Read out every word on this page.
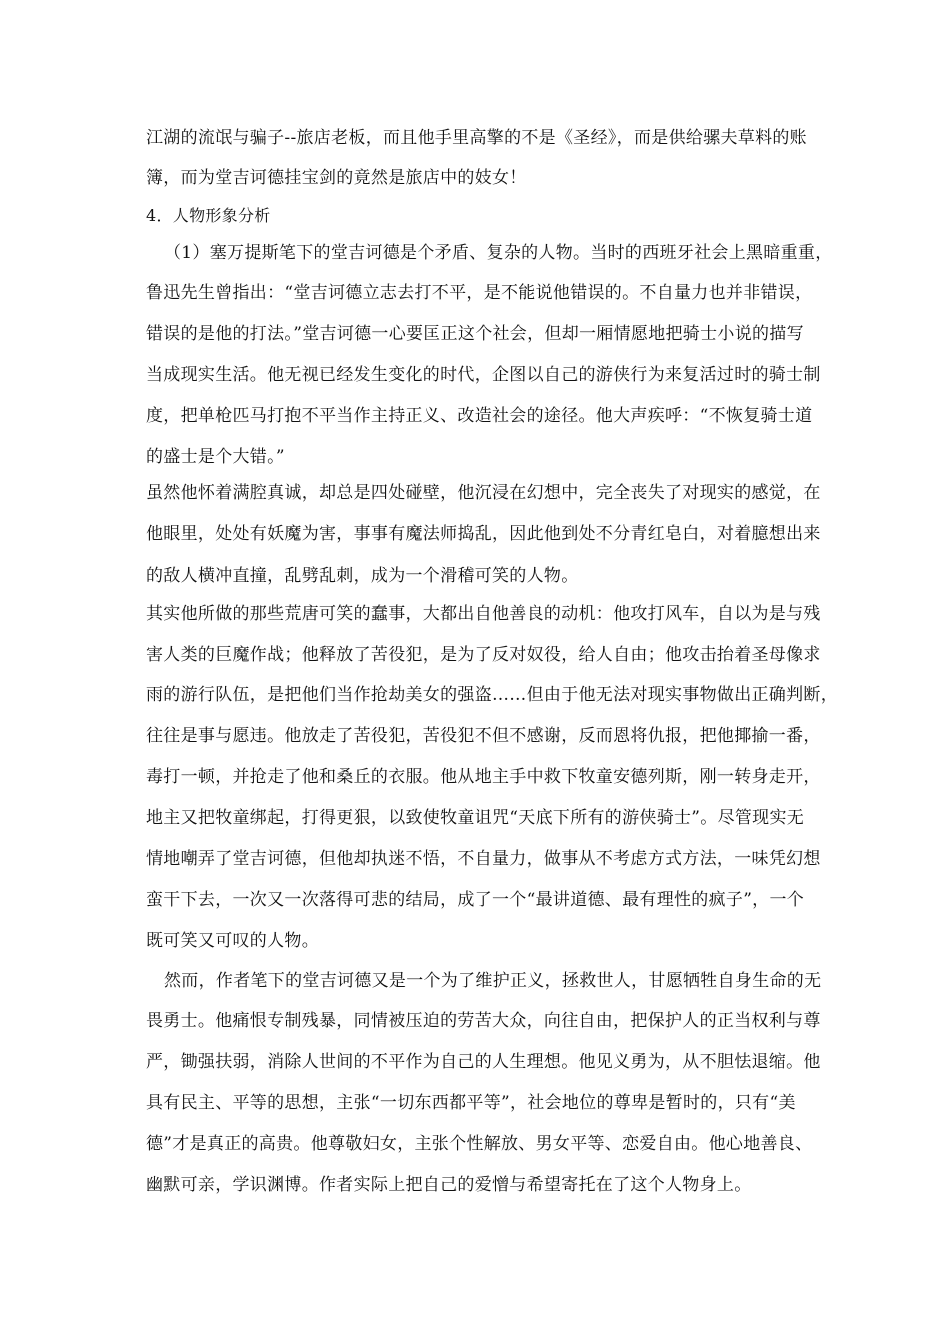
江湖的流氓与骗子--旅店老板，而且他手里高擎的不是《圣经》，而是供给骡夫草料的账
簿，而为堂吉诃德挂宝剑的竟然是旅店中的妓女！
4．人物形象分析
（1）塞万提斯笔下的堂吉诃德是个矛盾、复杂的人物。当时的西班牙社会上黑暗重重，
鲁迅先生曾指出：“堂吉诃德立志去打不平，是不能说他错误的。不自量力也并非错误，
错误的是他的打法。”堂吉诃德一心要匡正这个社会，但却一厢情愿地把骑士小说的描写
当成现实生活。他无视已经发生变化的时代，企图以自己的游侠行为来复活过时的骑士制
度，把单枪匹马打抱不平当作主持正义、改造社会的途径。他大声疾呼：“不恢复骑士道
的盛士是个大错。”
虽然他怀着满腔真诚，却总是四处碰壁，他沉浸在幻想中，完全丧失了对现实的感觉，在
他眼里，处处有妖魔为害，事事有魔法师捣乱，因此他到处不分青红皂白，对着臆想出来
的敌人横冲直撞，乱劈乱刺，成为一个滑稽可笑的人物。
其实他所做的那些荒唐可笑的蠢事，大都出自他善良的动机：他攻打风车，自以为是与残
害人类的巨魔作战；他释放了苦役犯，是为了反对奴役，给人自由；他攻击抬着圣母像求
雨的游行队伍，是把他们当作抢劫美女的强盗……但由于他无法对现实事物做出正确判断，
往往是事与愿违。他放走了苦役犯，苦役犯不但不感谢，反而恩将仇报，把他揶揄一番，
毒打一顿，并抢走了他和桑丘的衣服。他从地主手中救下牧童安德列斯，刚一转身走开，
地主又把牧童绑起，打得更狠，以致使牧童诅咒“天底下所有的游侠骑士”。尽管现实无
情地嘲弄了堂吉诃德，但他却执迷不悟，不自量力，做事从不考虑方式方法，一味凭幻想
蛮干下去，一次又一次落得可悲的结局，成了一个“最讲道德、最有理性的疯子”，一个
既可笑又可叹的人物。
然而，作者笔下的堂吉诃德又是一个为了维护正义，拯救世人，甘愿牺牲自身生命的无
畏勇士。他痛恨专制残暴，同情被压迫的劳苦大众，向往自由，把保护人的正当权利与尊
严，锄强扶弱，消除人世间的不平作为自己的人生理想。他见义勇为，从不胆怯退缩。他
具有民主、平等的思想，主张“一切东西都平等”，社会地位的尊卑是暂时的，只有“美
德”才是真正的高贵。他尊敬妇女，主张个性解放、男女平等、恋爱自由。他心地善良、
幽默可亲，学识渊博。作者实际上把自己的爱憎与希望寄托在了这个人物身上。
